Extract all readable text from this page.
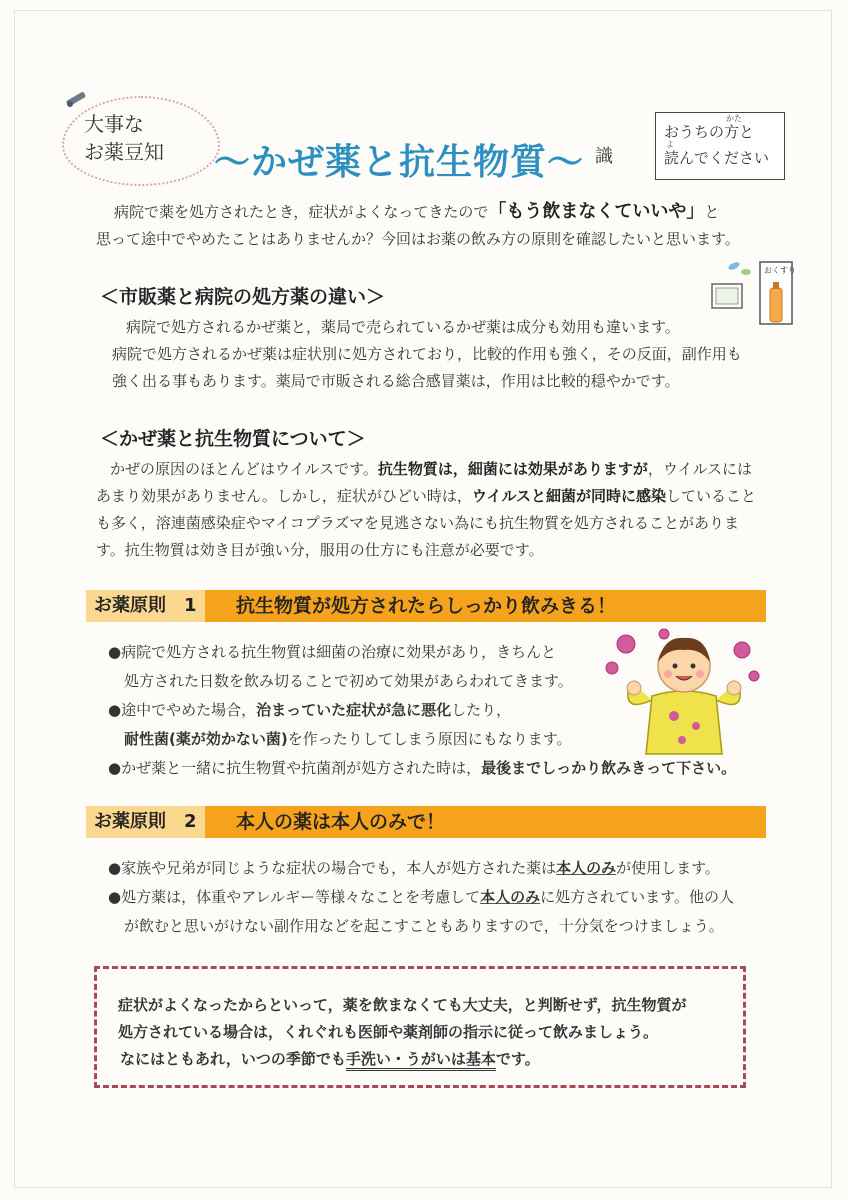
大事な
お薬豆知	～かぜ薬と抗生物質～ 識
おうちの
かた
方と
よ
読んでください
病院で薬を処方されたとき，症状がよくなってきたので「もう飲まなくていいや」と
思って途中でやめたことはありませんか？今回はお薬の飲み方の原則を確認したいと思います。
＜市販薬と病院の処方薬の違い＞
おくすり
病院で処方されるかぜ薬と，薬局で売られているかぜ薬は成分も効用も違います。
病院で処方されるかぜ薬は症状別に処方されており，比較的作用も強く，その反面，副作用も
強く出る事もあります。薬局で市販される総合感冒薬は，作用は比較的穏やかです。
＜かぜ薬と抗生物質について＞
かぜの原因のほとんどはウイルスです。抗生物質は，細菌には効果がありますが，ウイルスには
あまり効果がありません。しかし，症状がひどい時は，ウイルスと細菌が同時に感染していること
も多く，溶連菌感染症やマイコプラズマを見逃さない為にも抗生物質を処方されることがありま
す。抗生物質は効き目が強い分，服用の仕方にも注意が必要です。
お薬原則　1	抗生物質が処方されたらしっかり飲みきる！
●病院で処方される抗生物質は細菌の治療に効果があり，きちんと
処方された日数を飲み切ることで初めて効果があらわれてきます。
●途中でやめた場合，治まっていた症状が急に悪化したり，
耐性菌(薬が効かない菌)を作ったりしてしまう原因にもなります。
●かぜ薬と一緒に抗生物質や抗菌剤が処方された時は，最後までしっかり飲みきって下さい。
お薬原則　2	本人の薬は本人のみで！
●家族や兄弟が同じような症状の場合でも，本人が処方された薬は本人のみが使用します。
●処方薬は，体重やアレルギー等様々なことを考慮して本人のみに処方されています。他の人
が飲むと思いがけない副作用などを起こすこともありますので，十分気をつけましょう。
症状がよくなったからといって，薬を飲まなくても大丈夫，と判断せず，抗生物質が
処方されている場合は，くれぐれも医師や薬剤師の指示に従って飲みましょう。
なにはともあれ，いつの季節でも手洗い・うがいは基本です。
